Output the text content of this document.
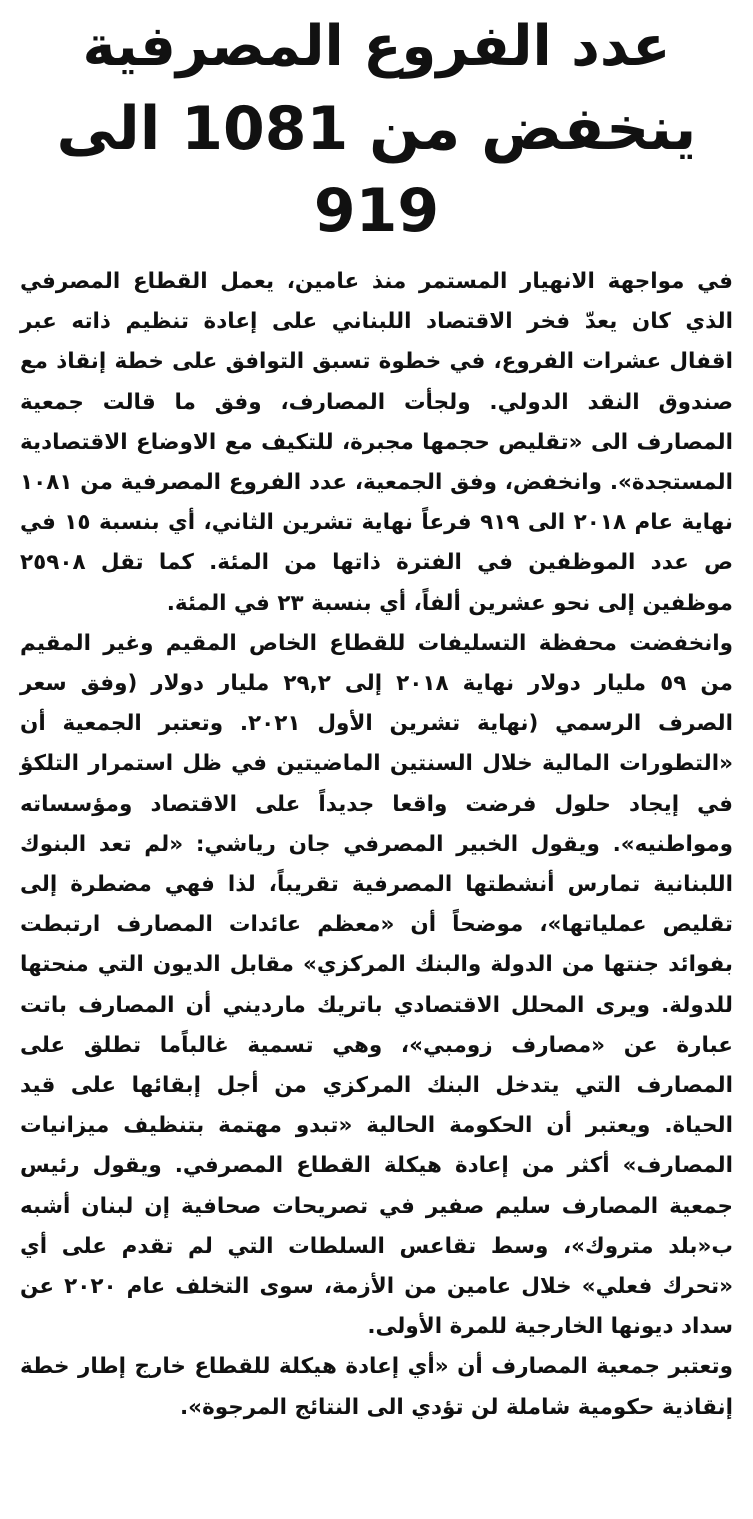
عدد الفروع المصرفية
ينخفض من 1081 الى 919

في مواجهة الانهيار المستمر منذ عامين، يعمل القطاع المصرفي الذي كان يعدّ فخر الاقتصاد اللبناني على إعادة تنظيم ذاته عبر اقفال عشرات الفروع، في خطوة تسبق التوافق على خطة إنقاذ مع صندوق النقد الدولي. ولجأت المصارف، وفق ما قالت جمعية المصارف الى «تقليص حجمها مجبرة، للتكيف مع الاوضاع الاقتصادية المستجدة». وانخفض، وفق الجمعية، عدد الفروع المصرفية من ١٠٨١ نهاية عام ٢٠١٨ الى ٩١٩ فرعاً نهاية تشرين الثاني، أي بنسبة ١٥ في ص عدد الموظفين في الفترة ذاتها من المئة. كما تقل ٢٥٩٠٨ موظفين إلى نحو عشرين ألفاً، أي بنسبة ٢٣ في المئة.

وانخفضت محفظة التسليفات للقطاع الخاص المقيم وغير المقيم من ٥٩ مليار دولار نهاية ٢٠١٨ إلى ٢٩,٢ مليار دولار (وفق سعر الصرف الرسمي (نهاية تشرين الأول ٢٠٢١. وتعتبر الجمعية أن «التطورات المالية خلال السنتين الماضيتين في ظل استمرار التلكؤ في إيجاد حلول فرضت واقعا جديداً على الاقتصاد ومؤسساته ومواطنيه». ويقول الخبير المصرفي جان رياشي: «لم تعد البنوك اللبنانية تمارس أنشطتها المصرفية تقريباً، لذا فهي مضطرة إلى تقليص عملياتها»، موضحاً أن «معظم عائدات المصارف ارتبطت بفوائد جنتها من الدولة والبنك المركزي» مقابل الديون التي منحتها للدولة. ويرى المحلل الاقتصادي باتريك مارديني أن المصارف باتت عبارة عن «مصارف زومبي»، وهي تسمية غالباًما تطلق على المصارف التي يتدخل البنك المركزي من أجل إبقائها على قيد الحياة. ويعتبر أن الحكومة الحالية «تبدو مهتمة بتنظيف ميزانيات المصارف» أكثر من إعادة هيكلة القطاع المصرفي. ويقول رئيس جمعية المصارف سليم صفير في تصريحات صحافية إن لبنان أشبه ب«بلد متروك»، وسط تقاعس السلطات التي لم تقدم على أي «تحرك فعلي» خلال عامين من الأزمة، سوى التخلف عام ٢٠٢٠ عن سداد ديونها الخارجية للمرة الأولى.

وتعتبر جمعية المصارف أن «أي إعادة هيكلة للقطاع خارج إطار خطة إنقاذية حكومية شاملة لن تؤدي الى النتائج المرجوة».
